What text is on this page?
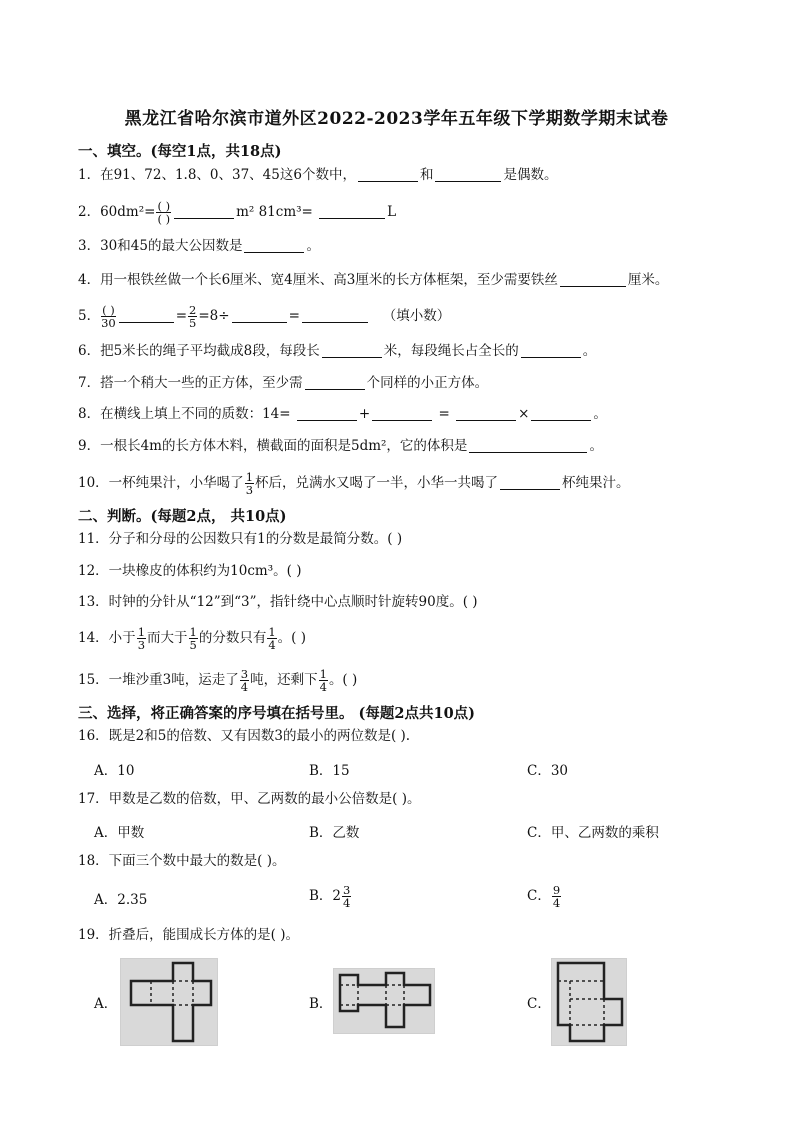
黑龙江省哈尔滨市道外区2022-2023学年五年级下学期数学期末试卷
一、填空。(每空1点，共18点)
1．在91、72、1.8、0、37、45这6个数中，	和	是偶数。
2．$60dm^2= \frac{( )}{( )}$	m² 81cm³=	L
3．30和45的最大公因数是	。
4．用一根铁丝做一个长6厘米、宽4厘米、高3厘米的长方体框架，至少需要铁丝	厘米。
5． $\frac{( )}{30}$	= $\frac{2}{5} =8\div$	=	（填小数）
6．把5米长的绳子平均截成8段，每段长	米，每段绳长占全长的	。
7．搭一个稍大一些的正方体，至少需	个同样的小正方体。
8．在横线上填上不同的质数：14=	+	=	×	。
9．一根长4m的长方体木料，横截面的面积是5dm²，它的体积是	。
10．一杯纯果汁，小华喝了 $\frac{1}{3}$ 杯后，兑满水又喝了一半，小华一共喝了	杯纯果汁。
二、判断。(每题2点， 共10点)
11．分子和分母的公因数只有1的分数是最简分数。( )
12．一块橡皮的体积约为10cm³。( )
13．时钟的分针从“12”到“3”，指针绕中心点顺时针旋转90度。( )
14．小于 $\frac{1}{3}$ 而大于 $\frac{1}{5}$ 的分数只有 $\frac{1}{4}$ 。( )
15．一堆沙重3吨，运走了 $\frac{3}{4}$ 吨，还剩下 $\frac{1}{4}$ 。( )
三、选择，将正确答案的序号填在括号里。 (每题2点共10点)
16．既是2和5的倍数、又有因数3的最小的两位数是( ).
A．10	B．15	C．30
17．甲数是乙数的倍数，甲、乙两数的最小公倍数是( )。
A．甲数	B．乙数	C．甲、乙两数的乘积
18．下面三个数中最大的数是( )。
A．2.35	B．$2 \frac{3}{4}$	C． $\frac{9}{4}$
19．折叠后，能围成长方体的是( )。
A．	B．	C．
